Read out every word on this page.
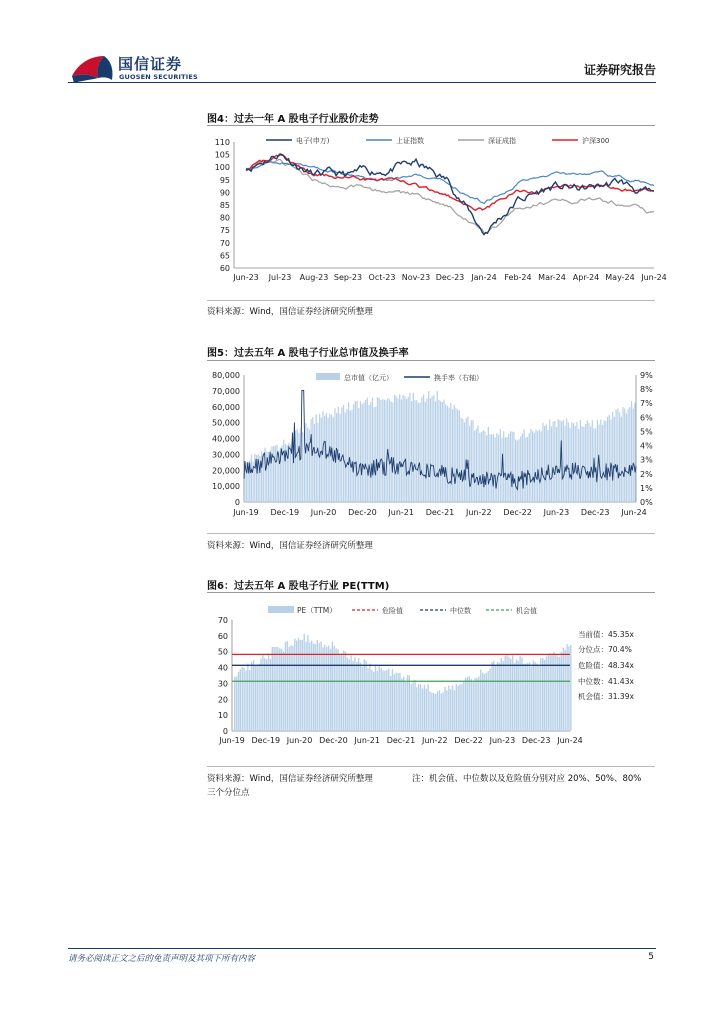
国信证券
GUOSEN SECURITIES	证券研究报告
图4：过去一年 A 股电子行业股价走势
60
65
70
75
80
85
90
95
100
105
110
Jun-23 Jul-23 Aug-23 Sep-23 Oct-23 Nov-23 Dec-23 Jan-24 Feb-24 Mar-24 Apr-24 May-24 Jun-24
电子(申万)	上证指数	深证成指	沪深300
资料来源：Wind，国信证券经济研究所整理
图5：过去五年 A 股电子行业总市值及换手率
0
10,000
20,000
30,000
40,000
50,000
60,000
70,000
80,000
0%
1%
2%
3%
4%
5%
6%
7%
8%
9%
Jun-19 Dec-19 Jun-20 Dec-20 Jun-21 Dec-21 Jun-22 Dec-22 Jun-23 Dec-23 Jun-24
总市值（亿元）	换手率（右轴）
资料来源：Wind，国信证券经济研究所整理
图6：过去五年 A 股电子行业 PE(TTM)
0
10
20
30
40
50
60
70
Jun-19 Dec-19 Jun-20 Dec-20 Jun-21 Dec-21 Jun-22 Dec-22 Jun-23 Dec-23 Jun-24
PE（TTM）	危险值	中位数	机会值
当前值：45.35x
分位点：70.4%
危险值：48.34x
中位数：41.43x
机会值：31.39x
资料来源：Wind，国信证券经济研究所整理	注：机会值、中位数以及危险值分别对应 20%、50%、80%
三个分位点
请务必阅读正文之后的免责声明及其项下所有内容	5
